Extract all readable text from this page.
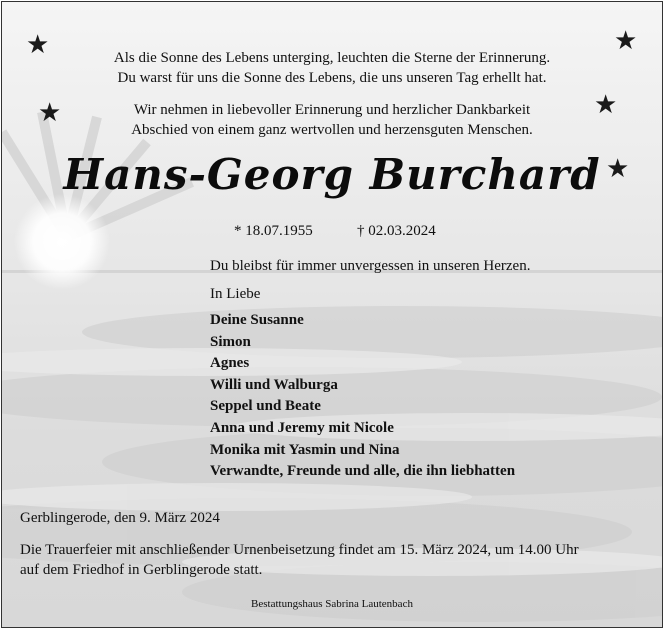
★	★
★	★
★
Als die Sonne des Lebens unterging, leuchten die Sterne der Erinnerung.
Du warst für uns die Sonne des Lebens, die uns unseren Tag erhellt hat.
Wir nehmen in liebevoller Erinnerung und herzlicher Dankbarkeit
Abschied von einem ganz wertvollen und herzensguten Menschen.
Hans-Georg Burchard
* 18.07.1955	† 02.03.2024
Du bleibst für immer unvergessen in unseren Herzen.
In Liebe
Deine Susanne
Simon
Agnes
Willi und Walburga
Seppel und Beate
Anna und Jeremy mit Nicole
Monika mit Yasmin und Nina
Verwandte, Freunde und alle, die ihn liebhatten
Gerblingerode, den 9. März 2024
Die Trauerfeier mit anschließender Urnenbeisetzung findet am 15. März 2024, um 14.00 Uhr
auf dem Friedhof in Gerblingerode statt.
Bestattungshaus Sabrina Lautenbach
